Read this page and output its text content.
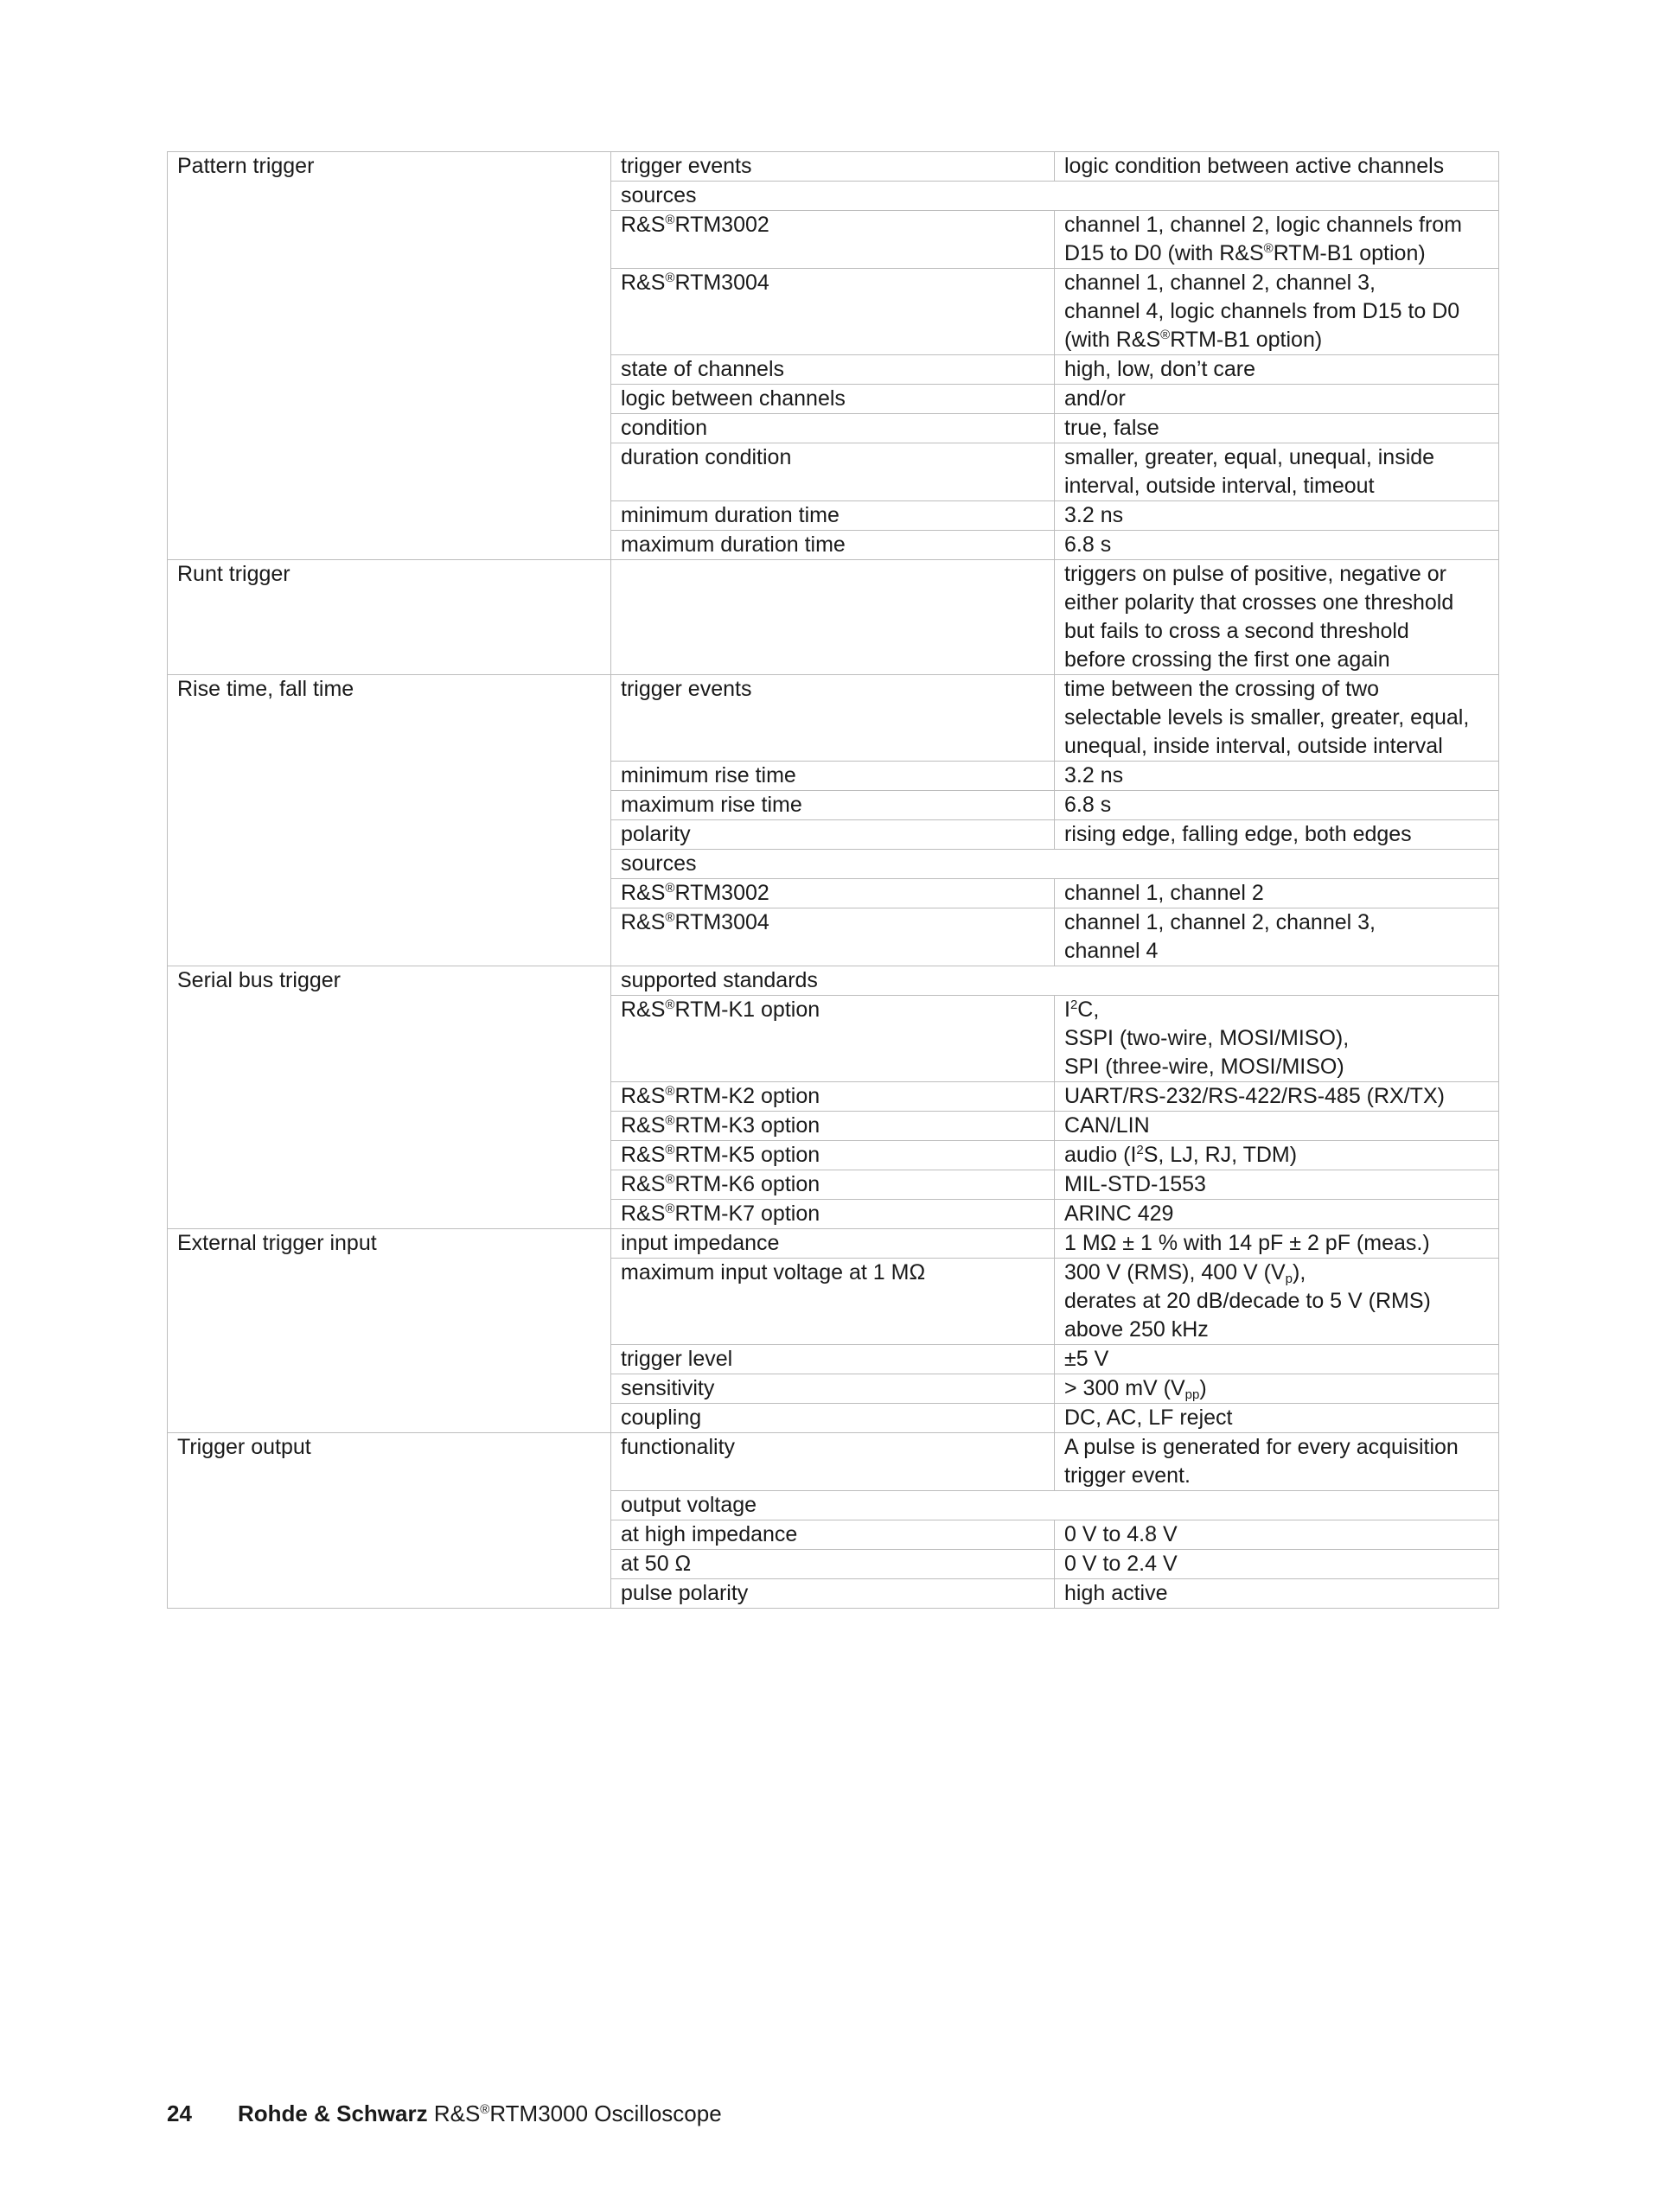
Pattern trigger	trigger events	logic condition between active channels
	sources	
	R&S®RTM3002	channel 1, channel 2, logic channels from
D15 to D0 (with R&S®RTM-B1 option)
	R&S®RTM3004	channel 1, channel 2, channel 3,
channel 4, logic channels from D15 to D0
(with R&S®RTM-B1 option)
	state of channels	high, low, don’t care
	logic between channels	and/or
	condition	true, false
	duration condition	smaller, greater, equal, unequal, inside
interval, outside interval, timeout
	minimum duration time	3.2 ns
	maximum duration time	6.8 s
Runt trigger		triggers on pulse of positive, negative or
either polarity that crosses one threshold
but fails to cross a second threshold
before crossing the first one again
Rise time, fall time	trigger events	time between the crossing of two
selectable levels is smaller, greater, equal,
unequal, inside interval, outside interval
	minimum rise time	3.2 ns
	maximum rise time	6.8 s
	polarity	rising edge, falling edge, both edges
	sources	
	R&S®RTM3002	channel 1, channel 2
	R&S®RTM3004	channel 1, channel 2, channel 3,
channel 4
Serial bus trigger	supported standards	
	R&S®RTM-K1 option	$I^2C$,
SSPI (two-wire, MOSI/MISO),
SPI (three-wire, MOSI/MISO)
	R&S®RTM-K2 option	UART/RS-232/RS-422/RS-485 (RX/TX)
	R&S®RTM-K3 option	CAN/LIN
	R&S®RTM-K5 option	audio ($I^2S$, LJ, RJ, TDM)
	R&S®RTM-K6 option	MIL-STD-1553
	R&S®RTM-K7 option	ARINC 429
External trigger input	input impedance	1 MΩ ± 1 % with 14 pF ± 2 pF (meas.)
	maximum input voltage at 1 MΩ	300 V (RMS), 400 V $(V_p)$,
derates at 20 dB/decade to 5 V (RMS)
above 250 kHz
	trigger level	±5 V
	sensitivity	> 300 mV $(V_{pp})$
	coupling	DC, AC, LF reject
Trigger output	functionality	A pulse is generated for every acquisition
trigger event.
	output voltage	
	at high impedance	0 V to 4.8 V
	at 50 Ω	0 V to 2.4 V
	pulse polarity	high active
24 Rohde & Schwarz R&S®RTM3000 Oscilloscope
